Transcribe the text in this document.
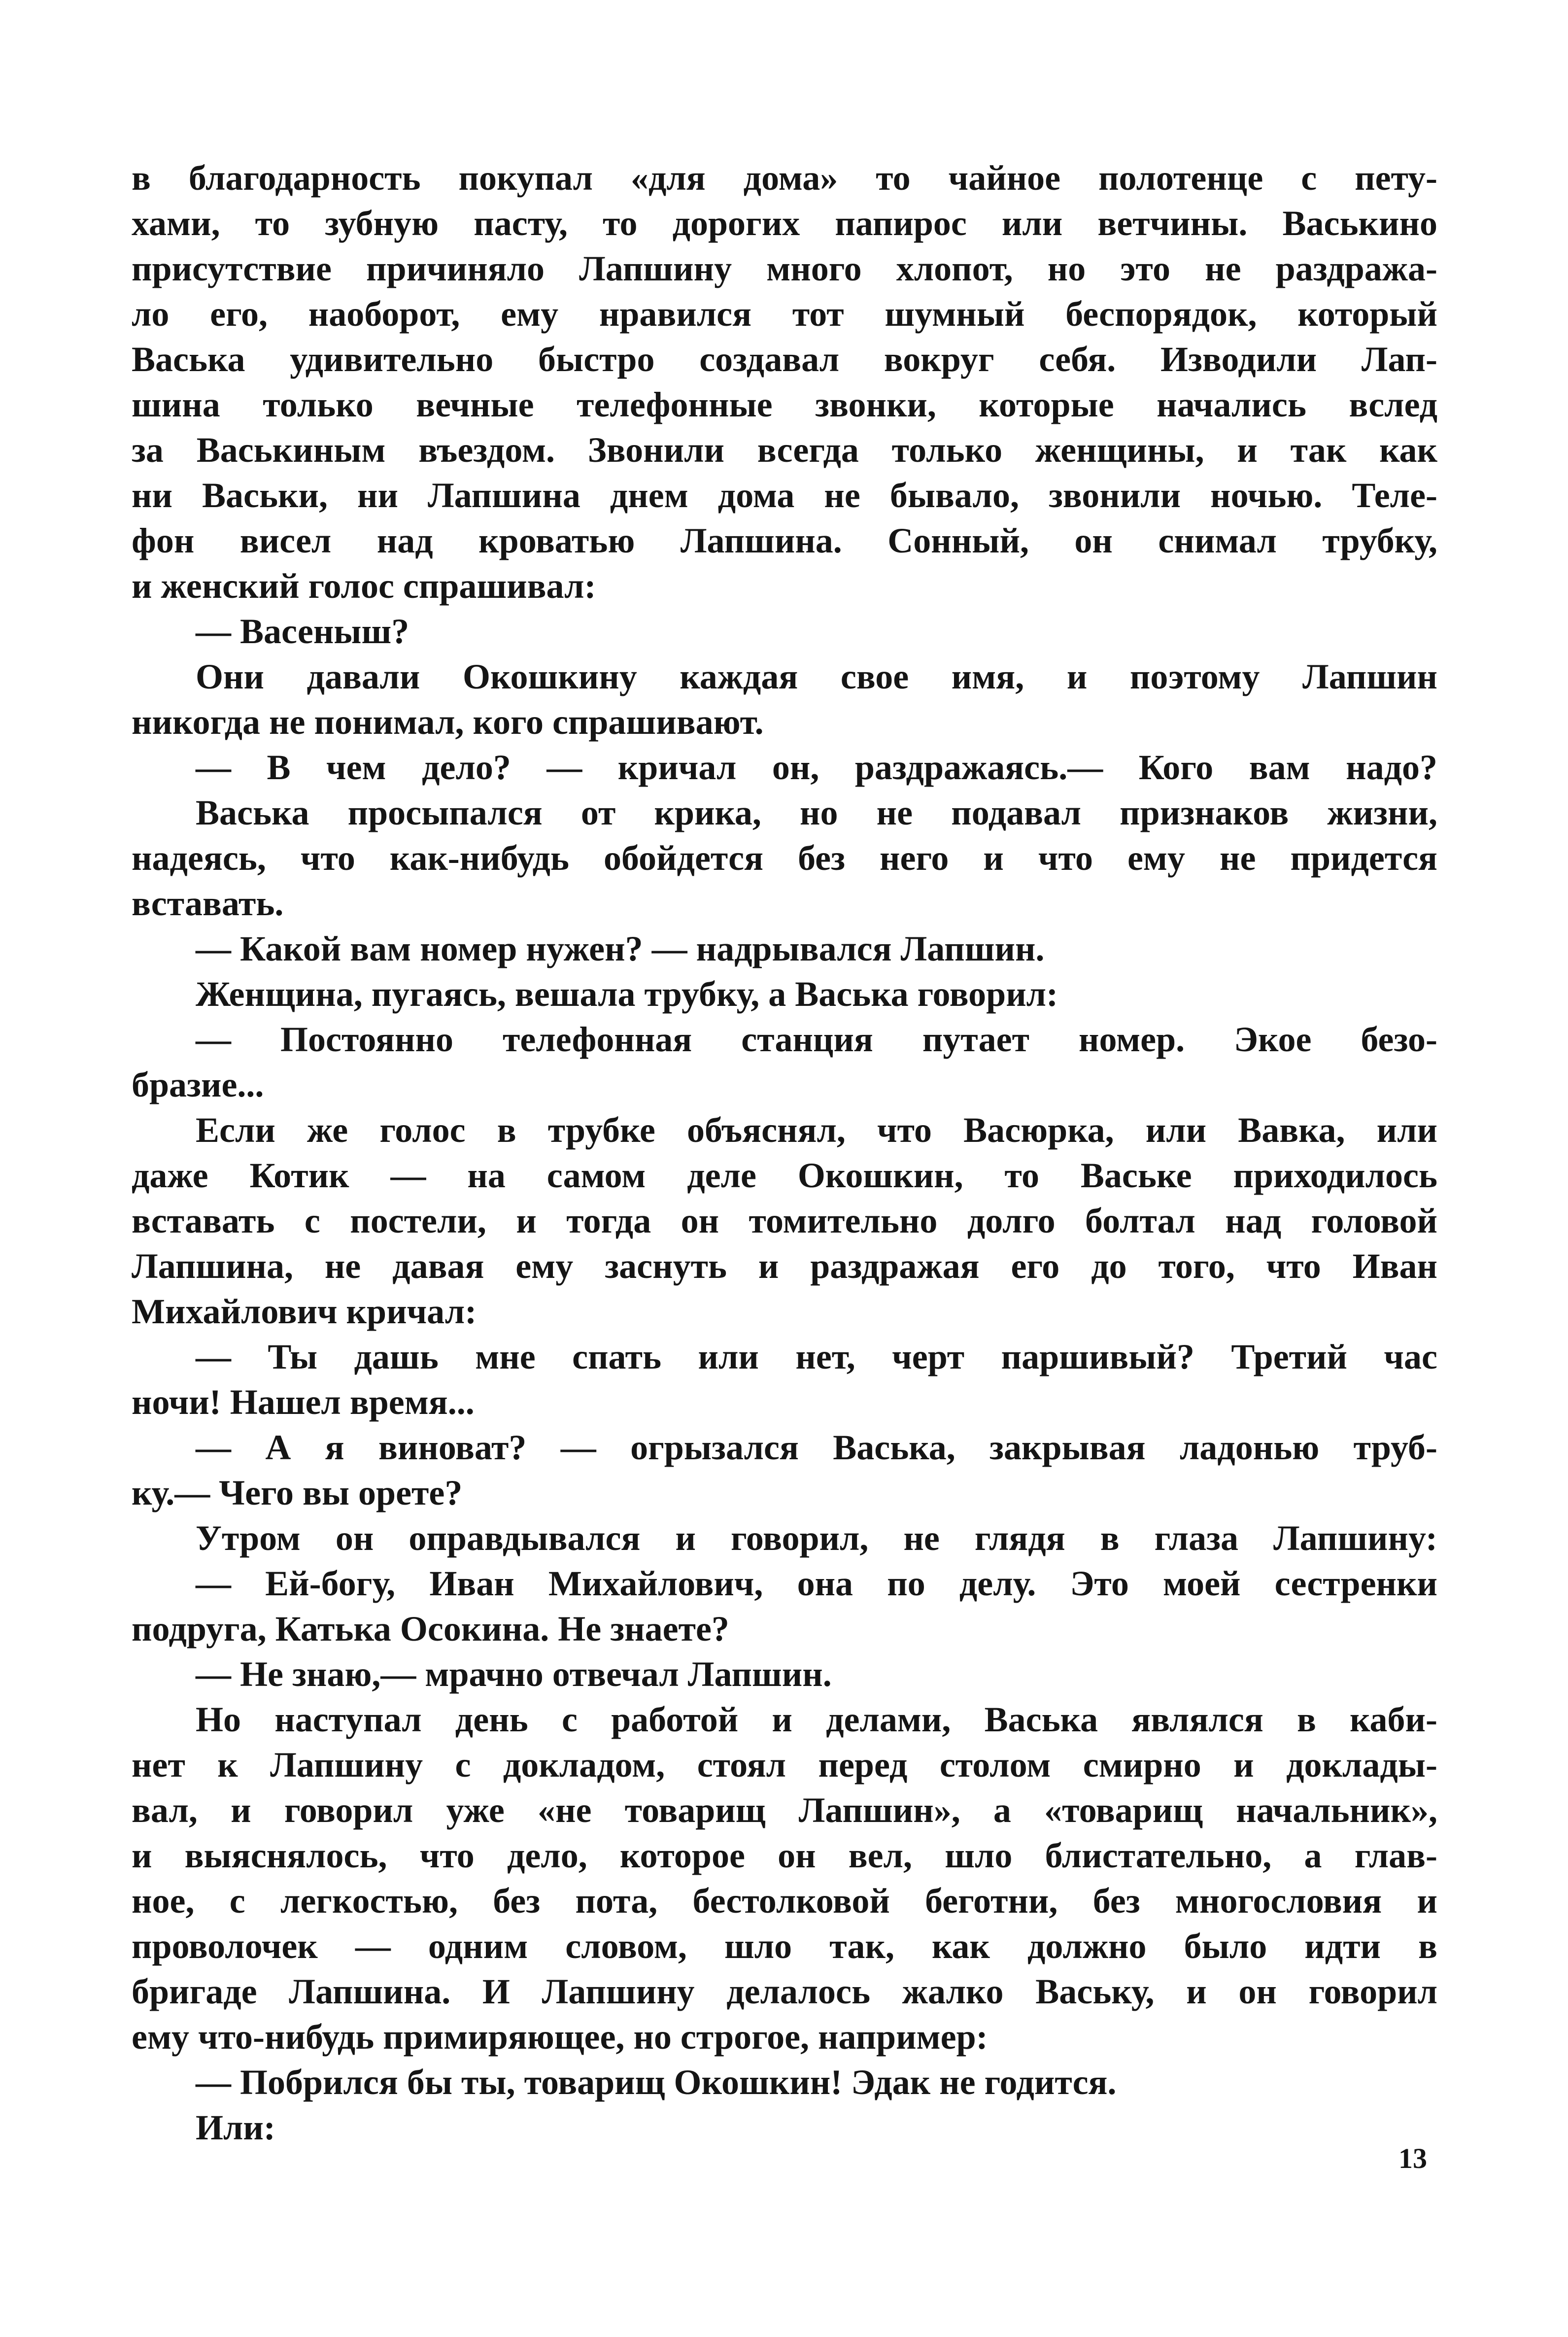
в благодарность покупал «для дома» то чайное полотенце с пету-
хами, то зубную пасту, то дорогих папирос или ветчины. Васькино
присутствие причиняло Лапшину много хлопот, но это не раздража-
ло его, наоборот, ему нравился тот шумный беспорядок, который
Васька удивительно быстро создавал вокруг себя. Изводили Лап-
шина только вечные телефонные звонки, которые начались вслед
за Васькиным въездом. Звонили всегда только женщины, и так как
ни Васьки, ни Лапшина днем дома не бывало, звонили ночью. Теле-
фон висел над кроватью Лапшина. Сонный, он снимал трубку,
и женский голос спрашивал:
— Васеныш?
Они давали Окошкину каждая свое имя, и поэтому Лапшин
никогда не понимал, кого спрашивают.
— В чем дело? — кричал он, раздражаясь.— Кого вам надо?
Васька просыпался от крика, но не подавал признаков жизни,
надеясь, что как-нибудь обойдется без него и что ему не придется
вставать.
— Какой вам номер нужен? — надрывался Лапшин.
Женщина, пугаясь, вешала трубку, а Васька говорил:
— Постоянно телефонная станция путает номер. Экое безо-
бразие...
Если же голос в трубке объяснял, что Васюрка, или Вавка, или
даже Котик — на самом деле Окошкин, то Ваське приходилось
вставать с постели, и тогда он томительно долго болтал над головой
Лапшина, не давая ему заснуть и раздражая его до того, что Иван
Михайлович кричал:
— Ты дашь мне спать или нет, черт паршивый? Третий час
ночи! Нашел время...
— А я виноват? — огрызался Васька, закрывая ладонью труб-
ку.— Чего вы орете?
Утром он оправдывался и говорил, не глядя в глаза Лапшину:
— Ей-богу, Иван Михайлович, она по делу. Это моей сестренки
подруга, Катька Осокина. Не знаете?
— Не знаю,— мрачно отвечал Лапшин.
Но наступал день с работой и делами, Васька являлся в каби-
нет к Лапшину с докладом, стоял перед столом смирно и доклады-
вал, и говорил уже «не товарищ Лапшин», а «товарищ начальник»,
и выяснялось, что дело, которое он вел, шло блистательно, а глав-
ное, с легкостью, без пота, бестолковой беготни, без многословия и
проволочек — одним словом, шло так, как должно было идти в
бригаде Лапшина. И Лапшину делалось жалко Ваську, и он говорил
ему что-нибудь примиряющее, но строгое, например:
— Побрился бы ты, товарищ Окошкин! Эдак не годится.
Или:
13
